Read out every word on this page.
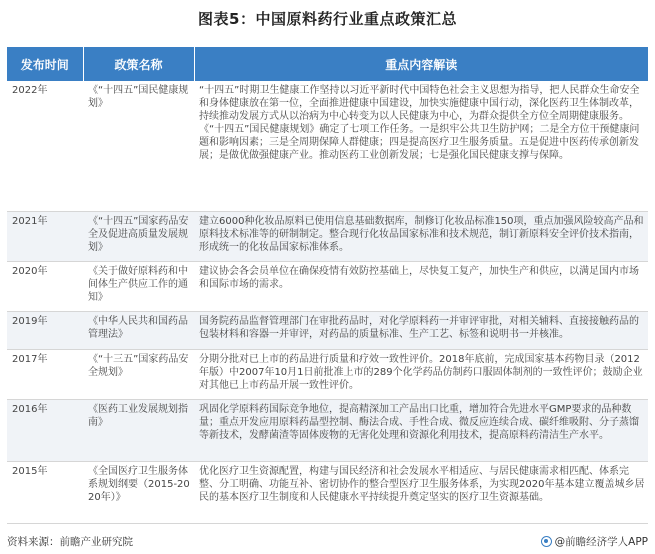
图表5：中国原料药行业重点政策汇总
发布时间	政策名称	重点内容解读
2022年	《“十四五”国民健康规划》	“十四五”时期卫生健康工作坚持以习近平新时代中国特色社会主义思想为指导，把人民群众生命安全和身体健康放在第一位，全面推进健康中国建设，加快实施健康中国行动，深化医药卫生体制改革，持续推动发展方式从以治病为中心转变为以人民健康为中心，为群众提供全方位全周期健康服务。《“十四五”国民健康规划》确定了七项工作任务。一是织牢公共卫生防护网；二是全方位干预健康问题和影响因素；三是全周期保障人群健康；四是提高医疗卫生服务质量。五是促进中医药传承创新发展；是做优做强健康产业。推动医药工业创新发展；七是强化国民健康支撑与保障。
2021年	《“十四五”国家药品安全及促进高质量发展规划》	建立6000种化妆品原料已使用信息基础数据库，制修订化妆品标准150项，重点加强风险较高产品和原料技术标准等的研制制定。整合现行化妆品国家标准和技术规范，制订新原料安全评价技术指南，形成统一的化妆品国家标准体系。
2020年	《关于做好原料药和中间体生产供应工作的通知》	建议协会各会员单位在确保疫情有效防控基础上，尽快复工复产，加快生产和供应，以满足国内市场和国际市场的需求。
2019年	《中华人民共和国药品管理法》	国务院药品监督管理部门在审批药品时，对化学原料药一并审评审批，对相关辅料、直接接触药品的包装材料和容器一并审评，对药品的质量标准、生产工艺、标签和说明书一并核准。
2017年	《“十三五”国家药品安全规划》	分期分批对已上市的药品进行质量和疗效一致性评价。2018年底前，完成国家基本药物目录（2012年版）中2007年10月1日前批准上市的289个化学药品仿制药口服固体制剂的一致性评价；鼓励企业对其他已上市药品开展一致性评价。
2016年	《医药工业发展规划指南》	巩固化学原料药国际竞争地位，提高精深加工产品出口比重，增加符合先进水平GMP要求的品种数量；重点开发应用原料药晶型控制、酶法合成、手性合成、微反应连续合成、碳纤维吸附、分子蒸馏等新技术，发酵菌渣等固体废物的无害化处理和资源化利用技术，提高原料药清洁生产水平。
2015年	《全国医疗卫生服务体系规划纲要（2015-2020年）》	优化医疗卫生资源配置，构建与国民经济和社会发展水平相适应、与居民健康需求相匹配、体系完整、分工明确、功能互补、密切协作的整合型医疗卫生服务体系，为实现2020年基本建立覆盖城乡居民的基本医疗卫生制度和人民健康水平持续提升奠定坚实的医疗卫生资源基础。
资料来源：前瞻产业研究院	@前瞻经济学人APP
